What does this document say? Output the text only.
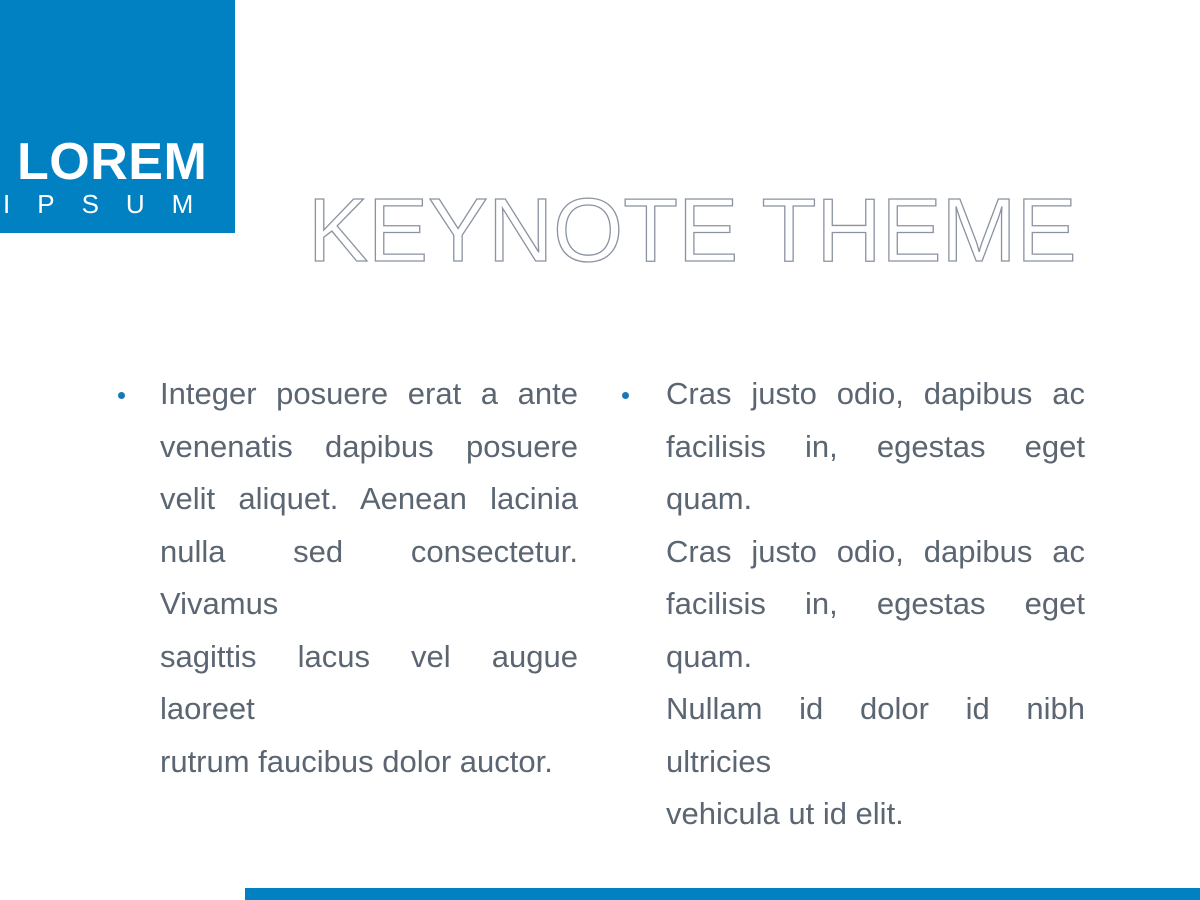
LOREM
IPSUM KEYNOTE THEME
Integer posuere erat a ante
venenatis dapibus posuere
velit aliquet. Aenean lacinia
nulla sed consectetur. Vivamus
sagittis lacus vel augue laoreet
rutrum faucibus dolor auctor.
Cras justo odio, dapibus ac
facilisis in, egestas eget quam.
Cras justo odio, dapibus ac
facilisis in, egestas eget quam.
Nullam id dolor id nibh ultricies
vehicula ut id elit.
